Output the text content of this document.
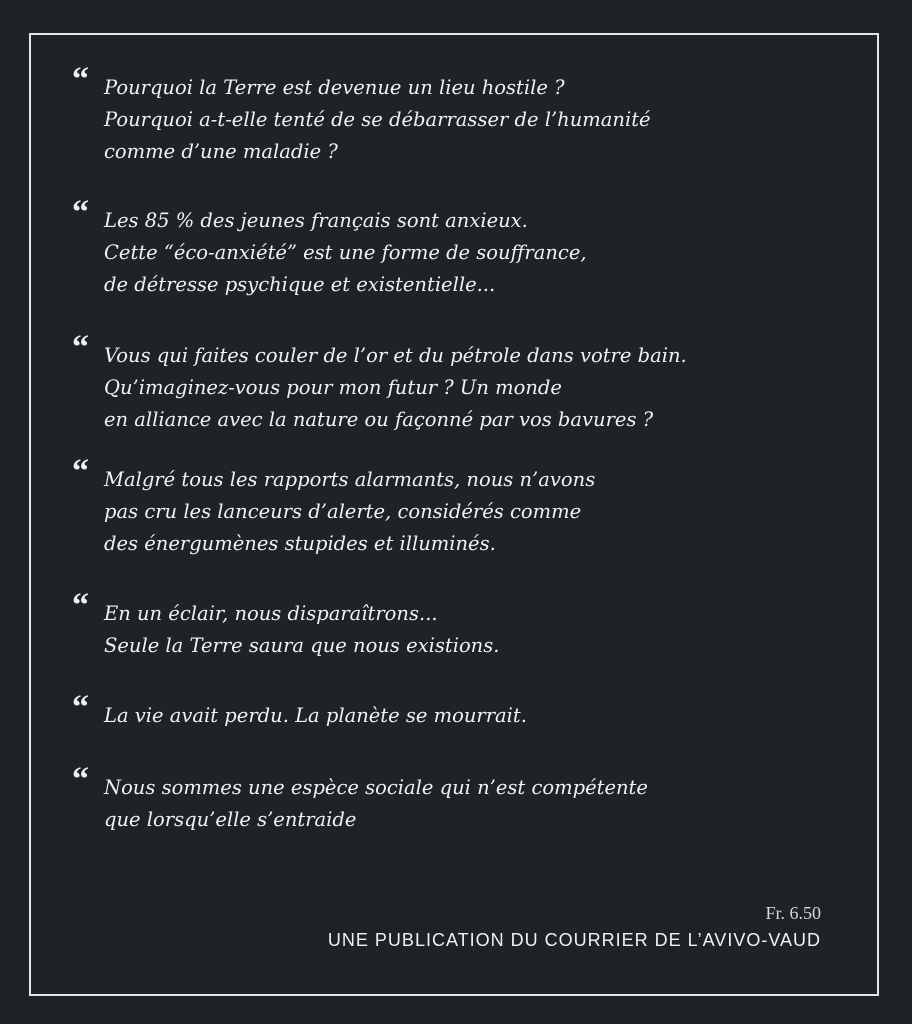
“ Pourquoi la Terre est devenue un lieu hostile ?
Pourquoi a-t-elle tenté de se débarrasser de l’humanité
comme d’une maladie ?
“ Les 85 % des jeunes français sont anxieux.
Cette “éco-anxiété” est une forme de souffrance,
de détresse psychique et existentielle...
“ Vous qui faites couler de l’or et du pétrole dans votre bain.
Qu’imaginez-vous pour mon futur ? Un monde
en alliance avec la nature ou façonné par vos bavures ?
“ Malgré tous les rapports alarmants, nous n’avons
pas cru les lanceurs d’alerte, considérés comme
des énergumènes stupides et illuminés.
“ En un éclair, nous disparaîtrons...
Seule la Terre saura que nous existions.
“ La vie avait perdu. La planète se mourrait.
“ Nous sommes une espèce sociale qui n’est compétente
que lorsqu’elle s’entraide
Fr. 6.50
UNE PUBLICATION DU COURRIER DE L’AVIVO-VAUD
